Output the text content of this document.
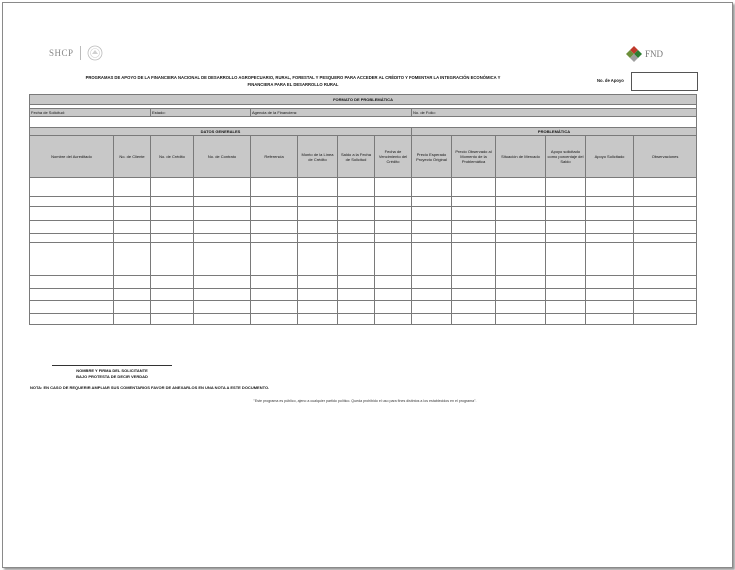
SHCP	FND
PROGRAMAS DE APOYO DE LA FINANCIERA NACIONAL DE DESARROLLO AGROPECUARIO, RURAL, FORESTAL Y PESQUERO PARA ACCEDER AL CRÉDITO Y FOMENTAR LA INTEGRACIÓN ECONÓMICA Y
FINANCIERA PARA EL DESARROLLO RURAL
No. de Apoyo
FORMATO DE PROBLEMÁTICA													

Fecha de Solicitud:		Estado:		Agencia de la Financiera:				No. de Folio:					

DATOS GENERALES								PROBLEMÁTICA					
Nombre del Acreditado	No. de Cliente	No. de Crédito	No. de Contrato	Referencia	Monto de la Línea de Crédito	Saldo a la Fecha de Solicitud	Fecha de Vencimiento del Crédito	Precio Esperado Proyecto Original	Precio Observado al Momento de la Problemática	Situación de Mercado	Apoyo solicitado como porcentaje del Saldo	Apoyo Solicitado	Observaciones

NOMBRE Y FIRMA DEL SOLICITANTE
BAJO PROTESTA DE DECIR VERDAD
NOTA: EN CASO DE REQUERIR AMPLIAR SUS COMENTARIOS FAVOR DE ANEXARLOS EN UNA NOTA A ESTE DOCUMENTO.
"Este programa es público, ajeno a cualquier partido político. Queda prohibido el uso para fines distintos a los establecidos en el programa".
